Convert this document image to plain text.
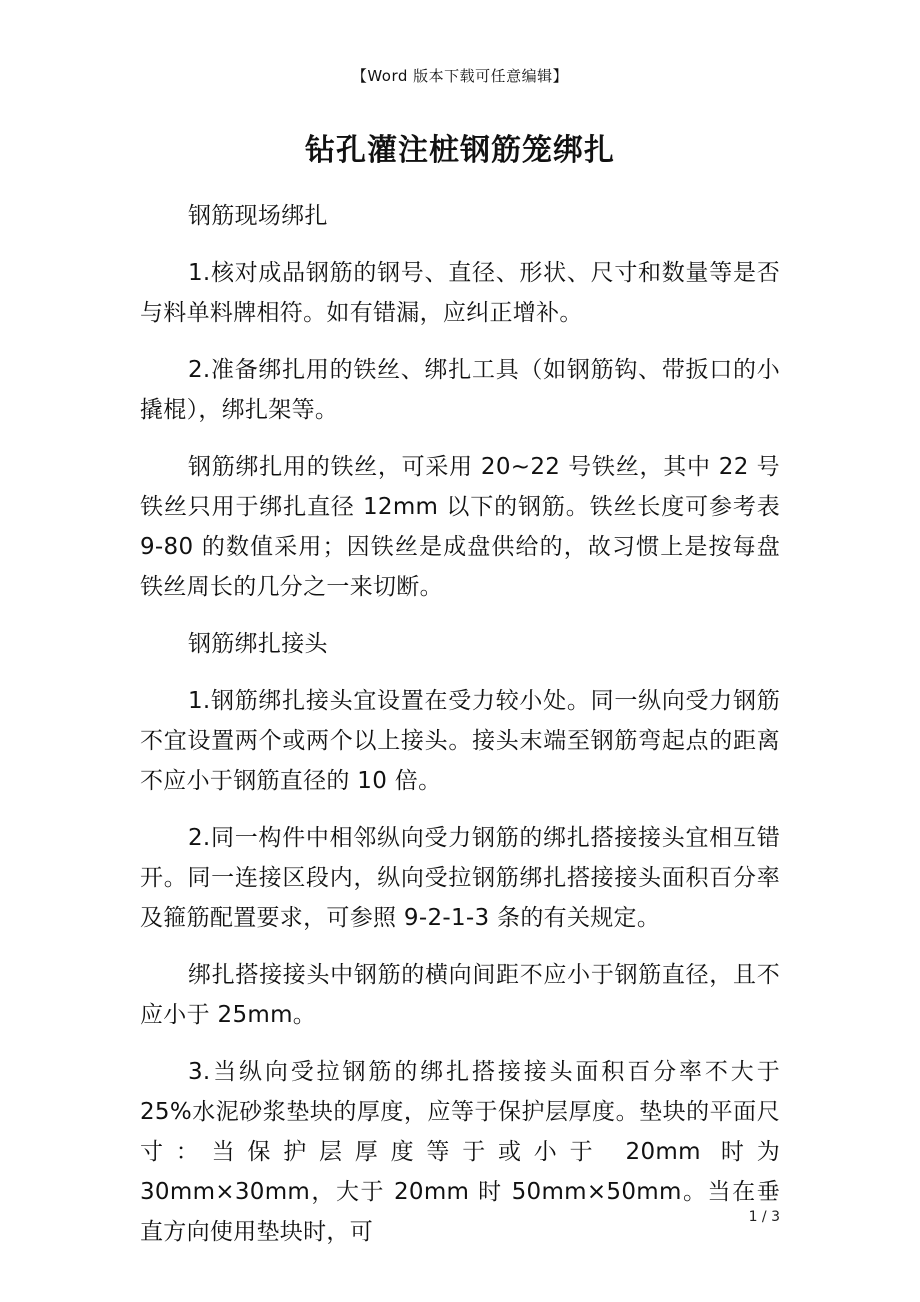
【Word 版本下载可任意编辑】
钻孔灌注桩钢筋笼绑扎

钢筋现场绑扎

1.核对成品钢筋的钢号、直径、形状、尺寸和数量等是否与料单料牌相符。如有错漏，应纠正增补。

2.准备绑扎用的铁丝、绑扎工具（如钢筋钩、带扳口的小撬棍），绑扎架等。

钢筋绑扎用的铁丝，可采用 20~22 号铁丝，其中 22 号铁丝只用于绑扎直径 12mm 以下的钢筋。铁丝长度可参考表 9-80 的数值采用；因铁丝是成盘供给的，故习惯上是按每盘铁丝周长的几分之一来切断。

钢筋绑扎接头

1.钢筋绑扎接头宜设置在受力较小处。同一纵向受力钢筋不宜设置两个或两个以上接头。接头末端至钢筋弯起点的距离不应小于钢筋直径的 10 倍。

2.同一构件中相邻纵向受力钢筋的绑扎搭接接头宜相互错开。同一连接区段内，纵向受拉钢筋绑扎搭接接头面积百分率及箍筋配置要求，可参照 9-2-1-3 条的有关规定。

绑扎搭接接头中钢筋的横向间距不应小于钢筋直径，且不应小于 25mm。

3.当纵向受拉钢筋的绑扎搭接接头面积百分率不大于 25%水泥砂浆垫块的厚度，应等于保护层厚度。垫块的平面尺寸：当保护层厚度等于或小于 20mm 时为 30mm×30mm，大于 20mm 时 50mm×50mm。当在垂直方向使用垫块时，可

1 / 3
